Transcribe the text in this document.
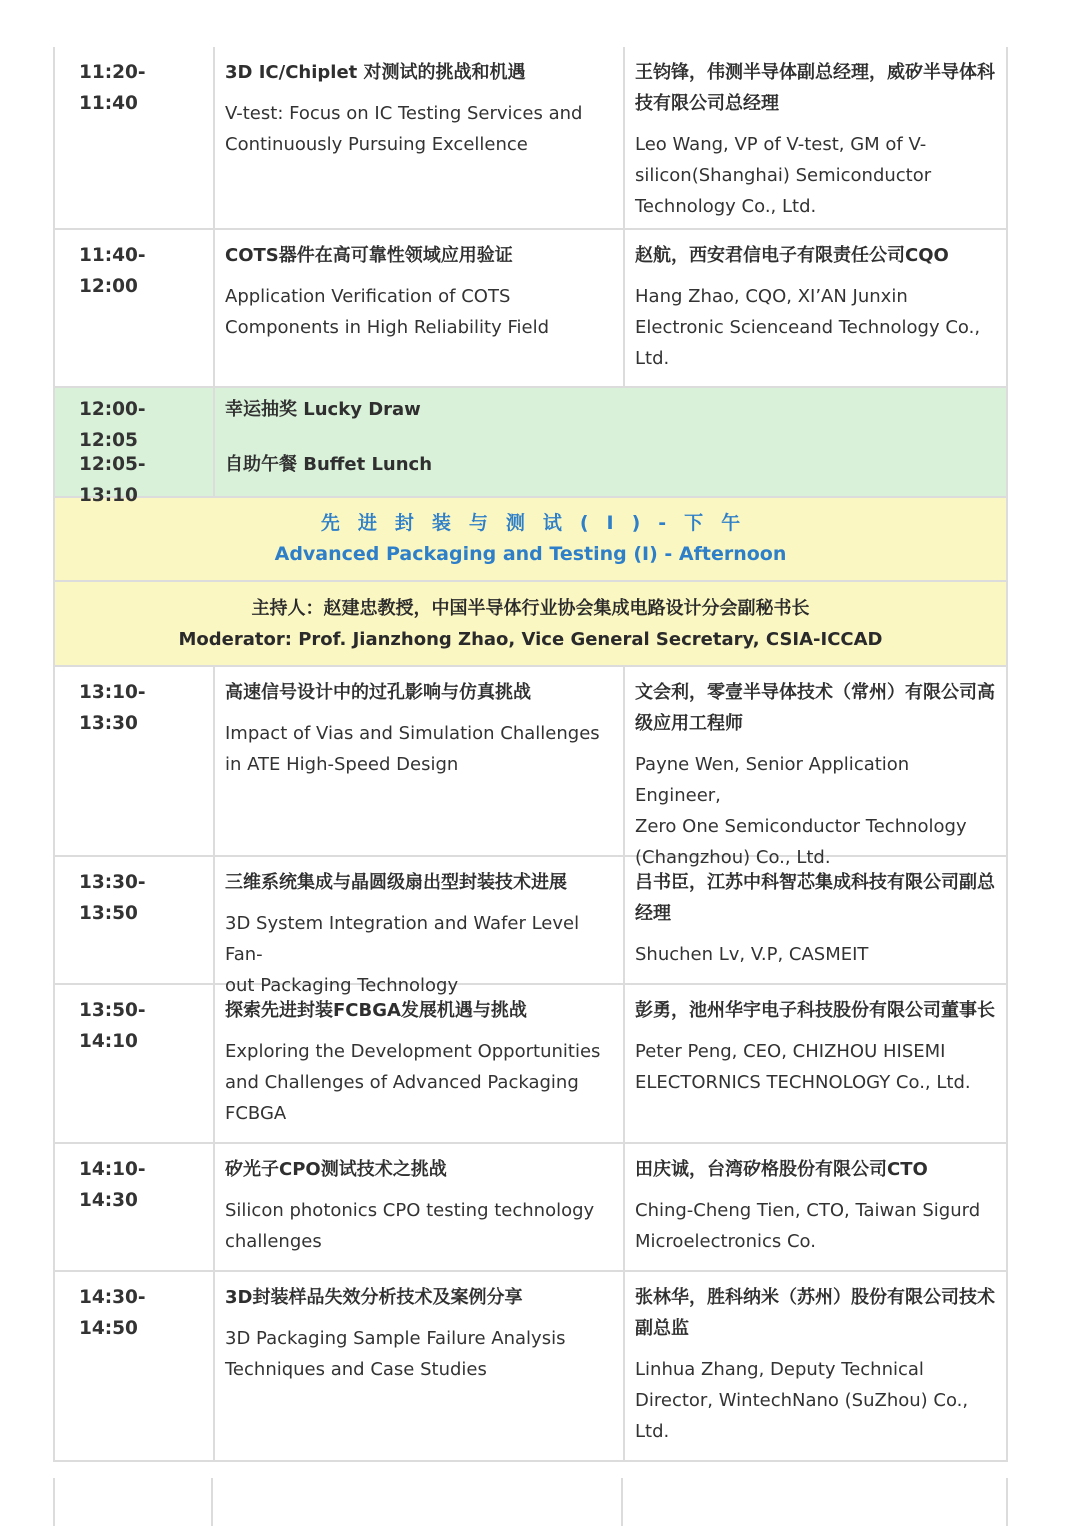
11:20-11:40
3D IC/Chiplet 对测试的挑战和机遇
V-test: Focus on IC Testing Services and
Continuously Pursuing Excellence
王钧锋，伟测半导体副总经理，威矽半导体科技有限公司总经理
Leo Wang, VP of V-test, GM of V-
silicon(Shanghai) Semiconductor
Technology Co., Ltd.
11:40-12:00
COTS器件在高可靠性领域应用验证
Application Verification of COTS
Components in High Reliability Field
赵航，西安君信电子有限责任公司CQO
Hang Zhao, CQO, XI’AN Junxin
Electronic Scienceand Technology Co.,
Ltd.
12:00-12:05
幸运抽奖 Lucky Draw
12:05-13:10
自助午餐 Buffet Lunch
先进封装与测试(I)-下午
Advanced Packaging and Testing (I) - Afternoon
主持人：赵建忠教授，中国半导体行业协会集成电路设计分会副秘书长
Moderator: Prof. Jianzhong Zhao, Vice General Secretary, CSIA-ICCAD
13:10-13:30
高速信号设计中的过孔影响与仿真挑战
Impact of Vias and Simulation Challenges
in ATE High-Speed Design
文会利，零壹半导体技术（常州）有限公司高级应用工程师
Payne Wen, Senior Application Engineer,
Zero One Semiconductor Technology
(Changzhou) Co., Ltd.
13:30-13:50
三维系统集成与晶圆级扇出型封装技术进展
3D System Integration and Wafer Level Fan-
out Packaging Technology
吕书臣，江苏中科智芯集成科技有限公司副总经理
Shuchen Lv, V.P, CASMEIT
13:50-14:10
探索先进封装FCBGA发展机遇与挑战
Exploring the Development Opportunities
and Challenges of Advanced Packaging
FCBGA
彭勇，池州华宇电子科技股份有限公司董事长
Peter Peng, CEO, CHIZHOU HISEMI
ELECTORNICS TECHNOLOGY Co., Ltd.
14:10-14:30
矽光子CPO测试技术之挑战
Silicon photonics CPO testing technology
challenges
田庆诚，台湾矽格股份有限公司CTO
Ching-Cheng Tien, CTO, Taiwan Sigurd
Microelectronics Co.
14:30-14:50
3D封装样品失效分析技术及案例分享
3D Packaging Sample Failure Analysis
Techniques and Case Studies
张林华，胜科纳米（苏州）股份有限公司技术副总监
Linhua Zhang, Deputy Technical
Director, WintechNano (SuZhou) Co.,
Ltd.
